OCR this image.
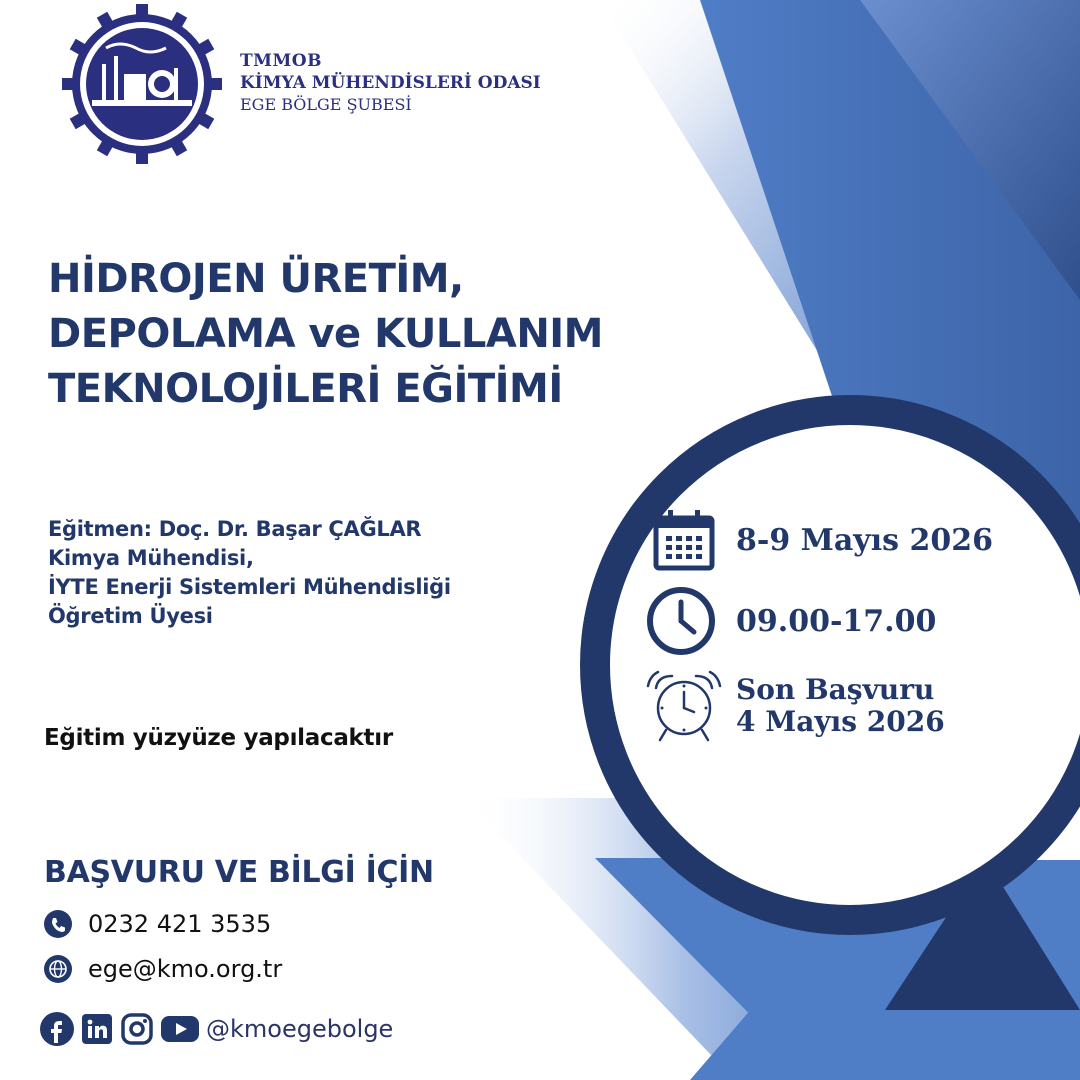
TMMOB
KİMYA MÜHENDİSLERİ ODASI
EGE BÖLGE ŞUBESİ
HİDROJEN ÜRETİM,
DEPOLAMA ve KULLANIM
TEKNOLOJİLERİ EĞİTİMİ
Eğitmen: Doç. Dr. Başar ÇAĞLAR
Kimya Mühendisi,
İYTE Enerji Sistemleri Mühendisliği
Öğretim Üyesi
Eğitim yüzyüze yapılacaktır
BAŞVURU VE BİLGİ İÇİN
0232 421 3535
ege@kmo.org.tr
@kmoegebolge
8-9 Mayıs 2026
09.00-17.00
Son Başvuru
4 Mayıs 2026
